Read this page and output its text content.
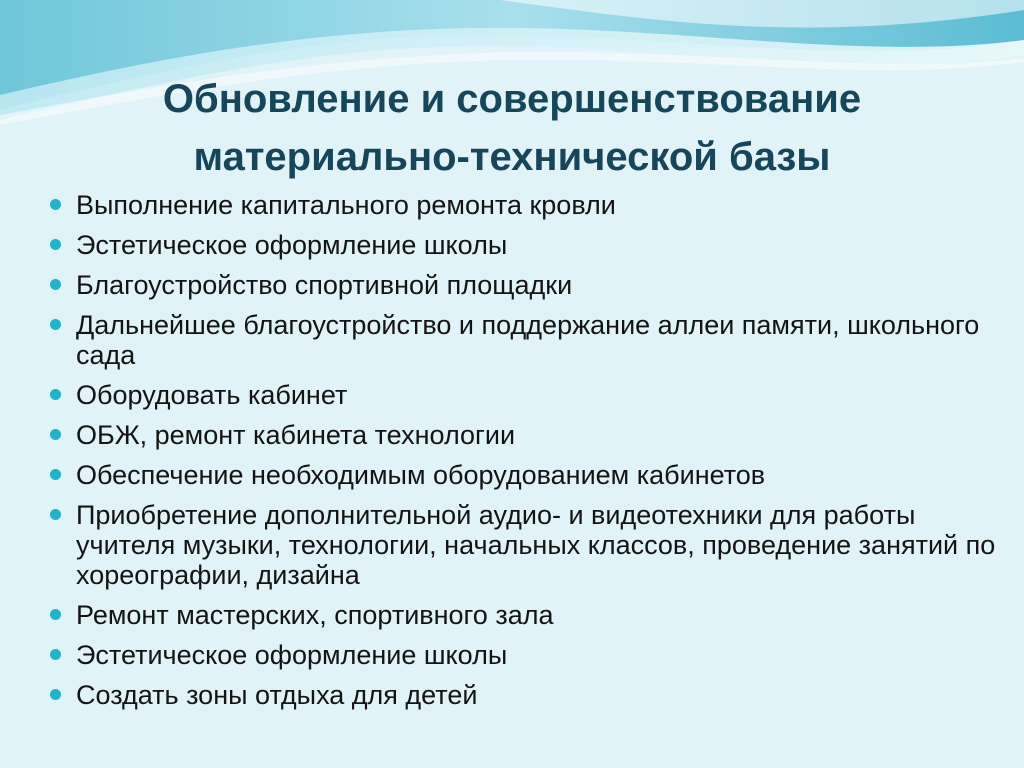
Обновление и совершенствование
материально-технической базы
Выполнение капитального ремонта кровли
Эстетическое оформление школы
Благоустройство спортивной площадки
Дальнейшее благоустройство и поддержание аллеи памяти, школьного сада
Оборудовать кабинет
ОБЖ, ремонт кабинета технологии
Обеспечение необходимым оборудованием кабинетов
Приобретение дополнительной аудио- и видеотехники для работы учителя музыки, технологии, начальных классов, проведение занятий по хореографии, дизайна
Ремонт мастерских, спортивного зала
Эстетическое оформление школы
Создать зоны отдыха для детей
